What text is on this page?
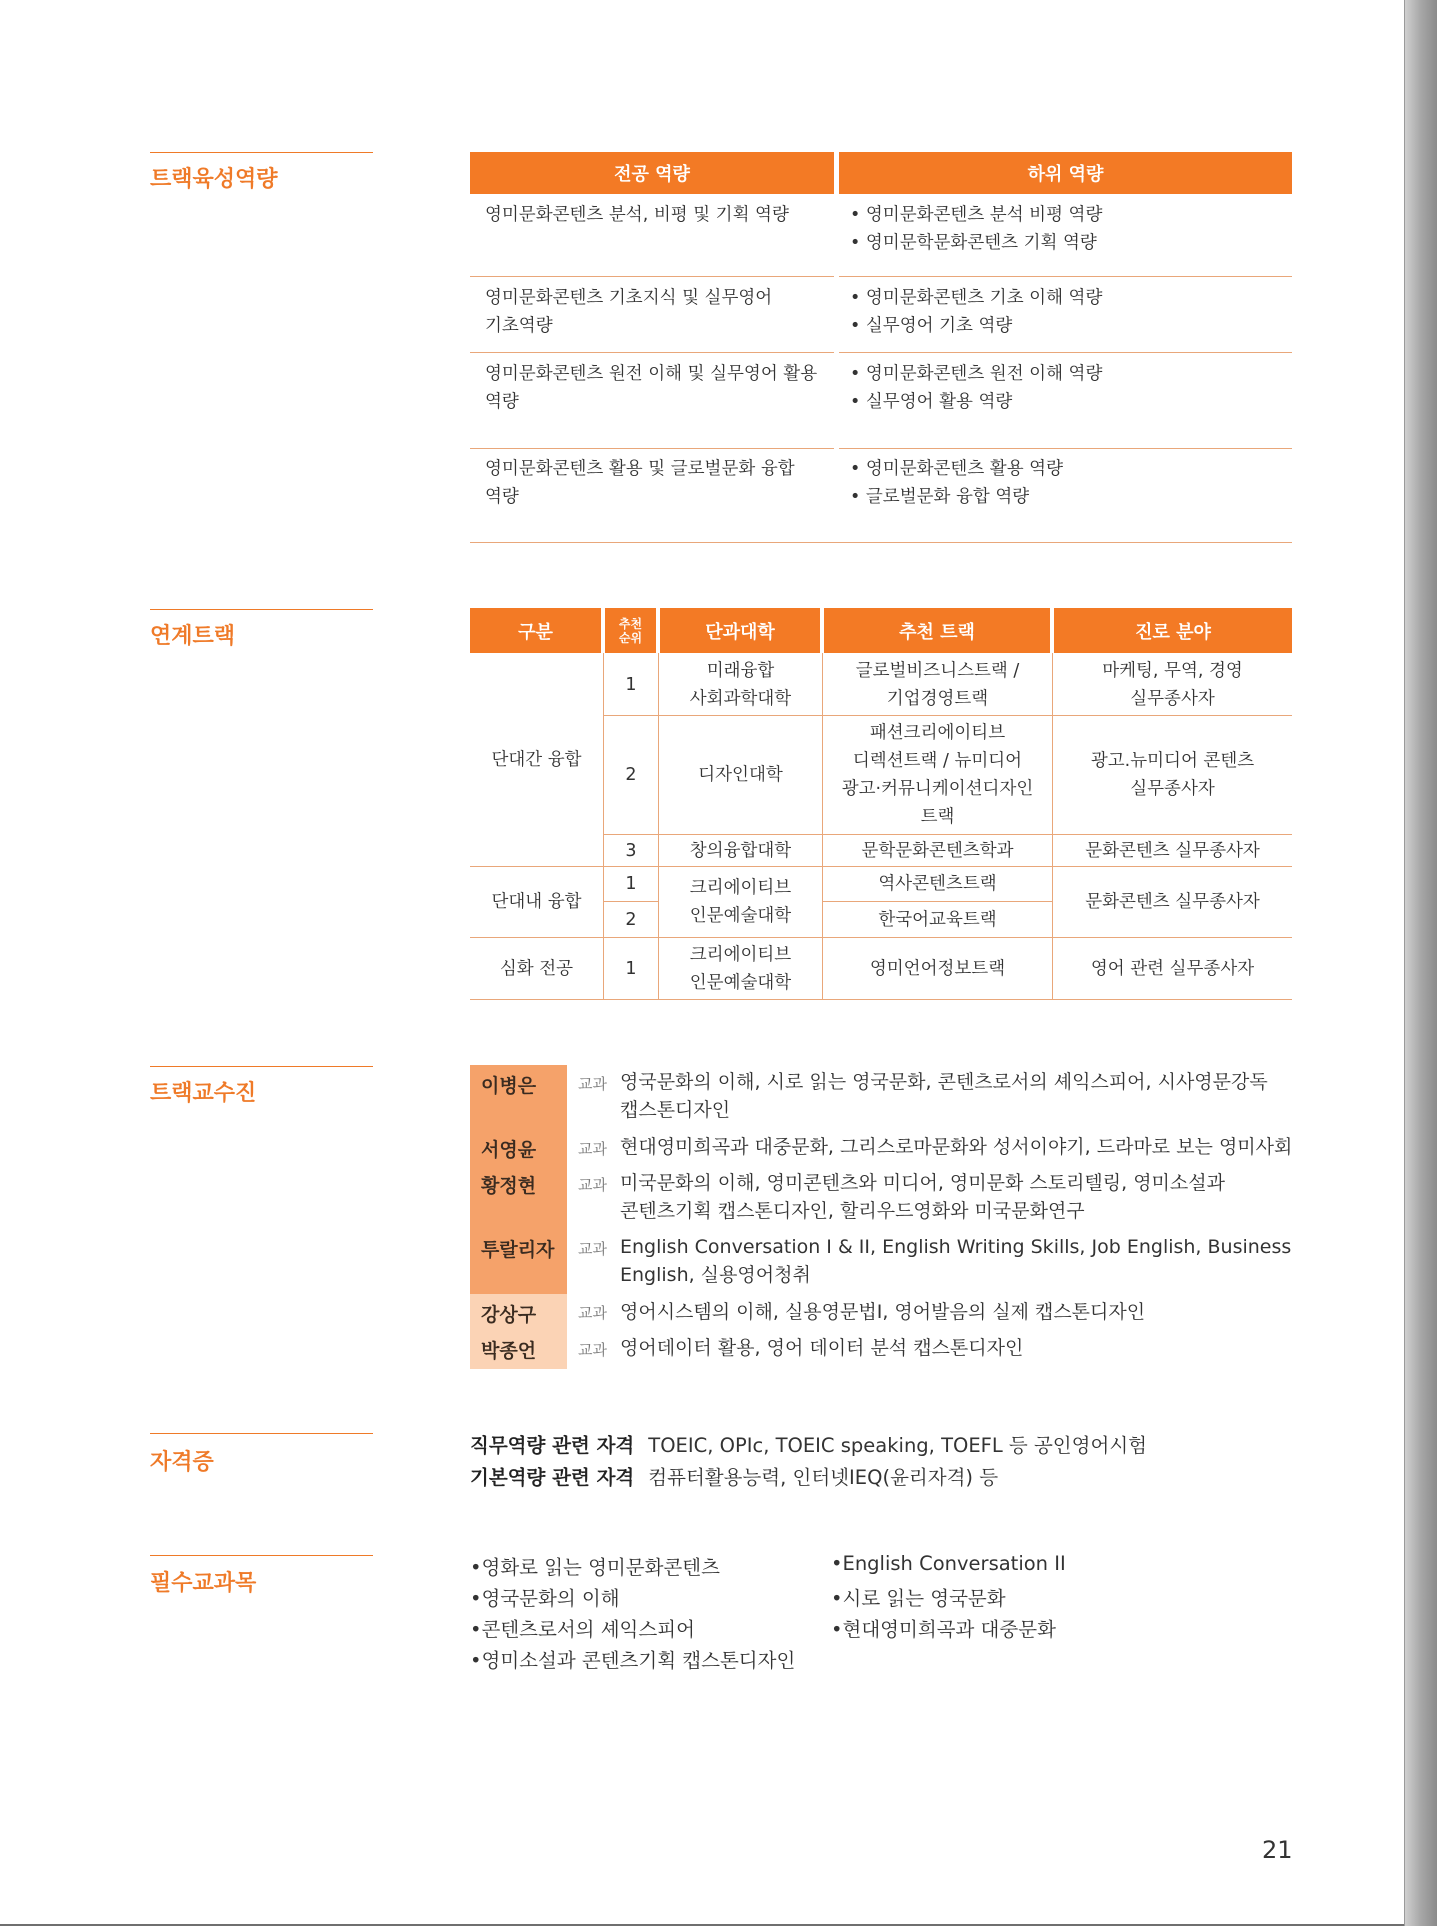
트랙육성역량	전공 역량	하위 역량
영미문화콘텐츠 분석, 비평 및 기획 역량
•	영미문화콘텐츠 분석 비평 역량
• 영미문학문화콘텐츠 기획 역량
영미문화콘텐츠 기초지식 및 실무영어
기초역량
• 영미문화콘텐츠 기초 이해 역량
• 실무영어 기초 역량
영미문화콘텐츠 원전 이해 및 실무영어 활용
역량
• 영미문화콘텐츠 원전 이해 역량
• 실무영어 활용 역량
영미문화콘텐츠 활용 및 글로벌문화 융합
역량
• 영미문화콘텐츠 활용 역량
• 글로벌문화 융합 역량
연계트랙	구분	추천
순위	단과대학	추천 트랙	진로 분야
단대간 융합
단대내 융합
심화 전공
1
미래융합
사회과학대학
글로벌비즈니스트랙 /
기업경영트랙
마케팅, 무역, 경영
실무종사자
2	디자인대학
패션크리에이티브
디렉션트랙 / 뉴미디어
광고·커뮤니케이션디자인
트랙
광고.뉴미디어 콘텐츠
실무종사자
3	창의융합대학	문학문화콘텐츠학과	문화콘텐츠 실무종사자
1
2
크리에이티브
인문예술대학
역사콘텐츠트랙
한국어교육트랙
문화콘텐츠 실무종사자
1
크리에이티브
인문예술대학
영미언어정보트랙	영어 관련 실무종사자
트랙교수진	이병은	교과 영국문화의 이해, 시로 읽는 영국문화, 콘텐츠로서의 셰익스피어, 시사영문강독
캡스톤디자인
서영윤	교과 현대영미희곡과 대중문화, 그리스로마문화와 성서이야기, 드라마로 보는 영미사회
황정현	교과 미국문화의 이해, 영미콘텐츠와 미디어, 영미문화 스토리텔링, 영미소설과
콘텐츠기획 캡스톤디자인, 할리우드영화와 미국문화연구
투랄리자 교과 English Conversation I & II, English Writing Skills, Job English, Business
English, 실용영어청취
강상구	교과 영어시스템의 이해, 실용영문법I, 영어발음의 실제 캡스톤디자인
박종언	교과 영어데이터 활용, 영어 데이터 분석 캡스톤디자인
자격증
직무역량 관련 자격 TOEIC, OPIc, TOEIC speaking, TOEFL 등 공인영어시험
기본역량 관련 자격 컴퓨터활용능력, 인터넷IEQ(윤리자격) 등
필수교과목
•영화로 읽는 영미문화콘텐츠
•영국문화의 이해
•콘텐츠로서의 셰익스피어
•영미소설과 콘텐츠기획 캡스톤디자인
•English Conversation II
•시로 읽는 영국문화
•현대영미희곡과 대중문화
21
